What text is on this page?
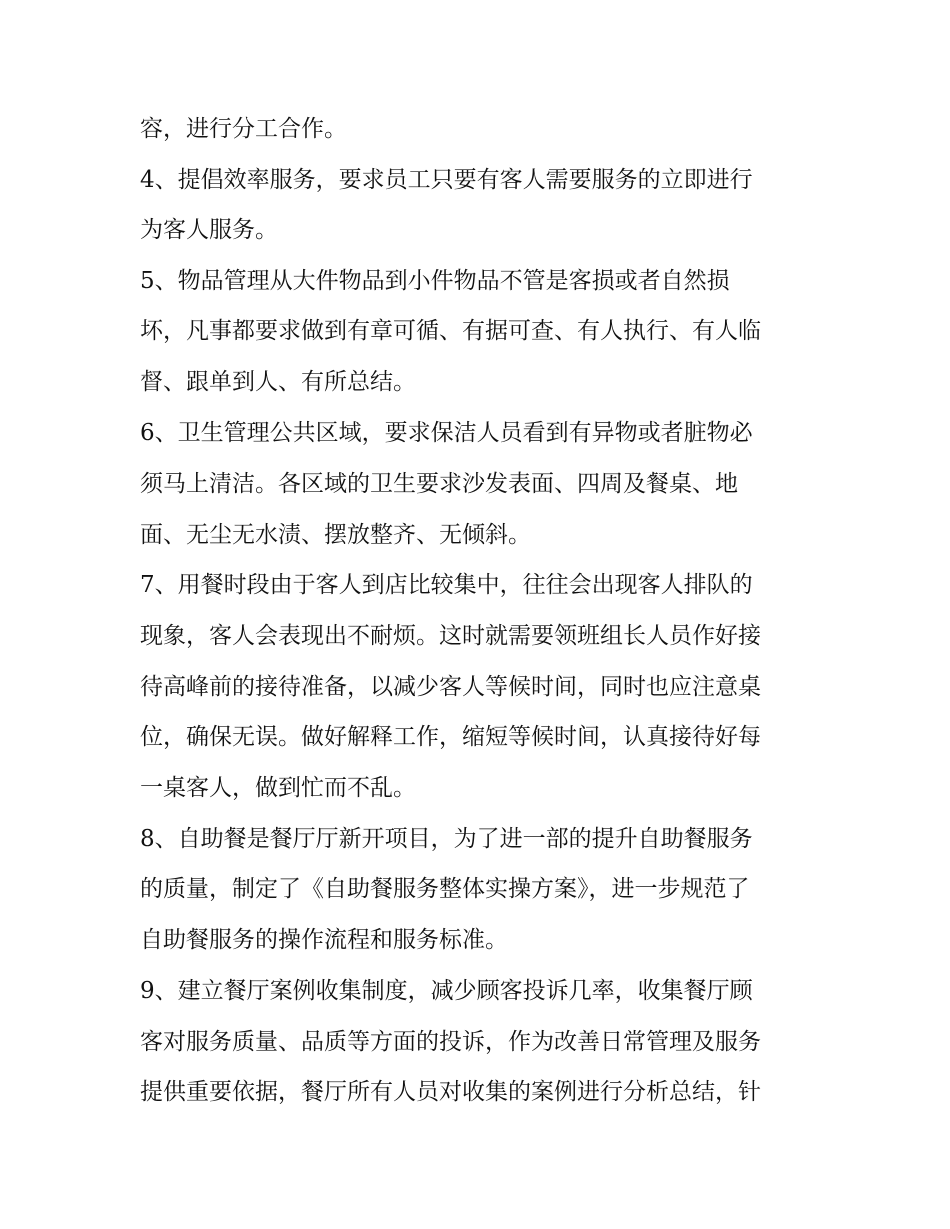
容，进行分工合作。
4、提倡效率服务，要求员工只要有客人需要服务的立即进行
为客人服务。
5、物品管理从大件物品到小件物品不管是客损或者自然损
坏，凡事都要求做到有章可循、有据可查、有人执行、有人临
督、跟单到人、有所总结。
6、卫生管理公共区域，要求保洁人员看到有异物或者脏物必
须马上清洁。各区域的卫生要求沙发表面、四周及餐桌、地
面、无尘无水渍、摆放整齐、无倾斜。
7、用餐时段由于客人到店比较集中，往往会出现客人排队的
现象，客人会表现出不耐烦。这时就需要领班组长人员作好接
待高峰前的接待准备，以减少客人等候时间，同时也应注意桌
位，确保无误。做好解释工作，缩短等候时间，认真接待好每
一桌客人，做到忙而不乱。
8、自助餐是餐厅厅新开项目，为了进一部的提升自助餐服务
的质量，制定了《自助餐服务整体实操方案》，进一步规范了
自助餐服务的操作流程和服务标准。
9、建立餐厅案例收集制度，减少顾客投诉几率，收集餐厅顾
客对服务质量、品质等方面的投诉，作为改善日常管理及服务
提供重要依据，餐厅所有人员对收集的案例进行分析总结，针
